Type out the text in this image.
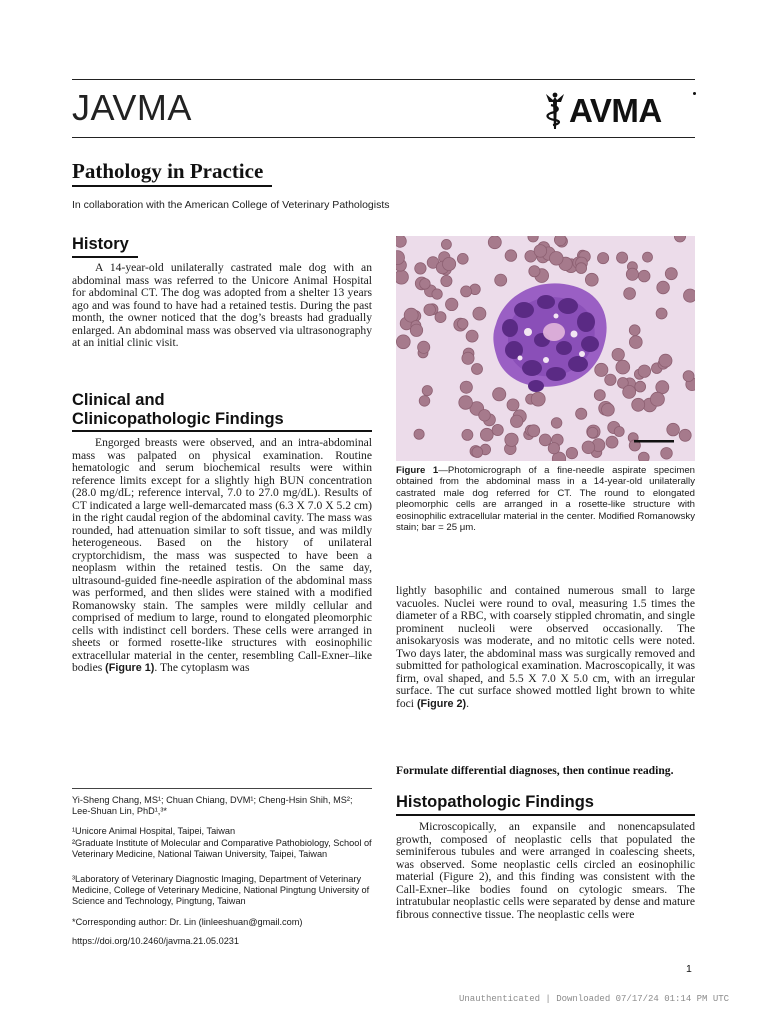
JAVMA	AVMA
Pathology in Practice
In collaboration with the American College of Veterinary Pathologists
History

A 14-year-old unilaterally castrated male dog with an abdominal mass was referred to the Unicore Animal Hospital for abdominal CT. The dog was adopted from a shelter 13 years ago and was found to have had a retained testis. During the past month, the owner noticed that the dog’s breasts had gradually enlarged. An abdominal mass was observed via ultrasonography at an initial clinic visit.

Clinical and
Clinicopathologic Findings

Engorged breasts were observed, and an intra-abdominal mass was palpated on physical examination. Routine hematologic and serum biochemical results were within reference limits except for a slightly high BUN concentration (28.0 mg/dL; reference interval, 7.0 to 27.0 mg/dL). Results of CT indicated a large well-demarcated mass (6.3 X 7.0 X 5.2 cm) in the right caudal region of the abdominal cavity. The mass was rounded, had attenuation similar to soft tissue, and was mildly heterogeneous. Based on the history of unilateral cryptorchidism, the mass was suspected to have been a neoplasm within the retained testis. On the same day, ultrasound-guided fine-needle aspiration of the abdominal mass was performed, and then slides were stained with a modified Romanowsky stain. The samples were mildly cellular and comprised of medium to large, round to elongated pleomorphic cells with indistinct cell borders. These cells were arranged in sheets or formed rosette-like structures with eosinophilic extracellular material in the center, resembling Call-Exner–like bodies (Figure 1). The cytoplasm was

Figure 1—Photomicrograph of a fine-needle aspirate specimen obtained from the abdominal mass in a 14-year-old unilaterally castrated male dog referred for CT. The round to elongated pleomorphic cells are arranged in a rosette-like structure with eosinophilic extracellular material in the center. Modified Romanowsky stain; bar = 25 μm.

lightly basophilic and contained numerous small to large vacuoles. Nuclei were round to oval, measuring 1.5 times the diameter of a RBC, with coarsely stippled chromatin, and single prominent nucleoli were observed occasionally. The anisokaryosis was moderate, and no mitotic cells were noted. Two days later, the abdominal mass was surgically removed and submitted for pathological examination. Macroscopically, it was firm, oval shaped, and 5.5 X 7.0 X 5.0 cm, with an irregular surface. The cut surface showed mottled light brown to white foci (Figure 2).

Formulate differential diagnoses, then continue reading.
Histopathologic Findings

Microscopically, an expansile and nonencapsulated growth, composed of neoplastic cells that populated the seminiferous tubules and were arranged in coalescing sheets, was observed. Some neoplastic cells circled an eosinophilic material (Figure 2), and this finding was consistent with the Call-Exner–like bodies found on cytologic smears. The intratubular neoplastic cells were separated by dense and mature fibrous connective tissue. The neoplastic cells were

Yi-Sheng Chang, MS¹; Chuan Chiang, DVM¹; Cheng-Hsin Shih, MS²; Lee-Shuan Lin, PhD¹,³*
¹Unicore Animal Hospital, Taipei, Taiwan
²Graduate Institute of Molecular and Comparative Pathobiology, School of Veterinary Medicine, National Taiwan University, Taipei, Taiwan
³Laboratory of Veterinary Diagnostic Imaging, Department of Veterinary Medicine, College of Veterinary Medicine, National Pingtung University of Science and Technology, Pingtung, Taiwan
*Corresponding author: Dr. Lin (linleeshuan@gmail.com)
https://doi.org/10.2460/javma.21.05.0231
1
Unauthenticated | Downloaded 07/17/24 01:14 PM UTC
